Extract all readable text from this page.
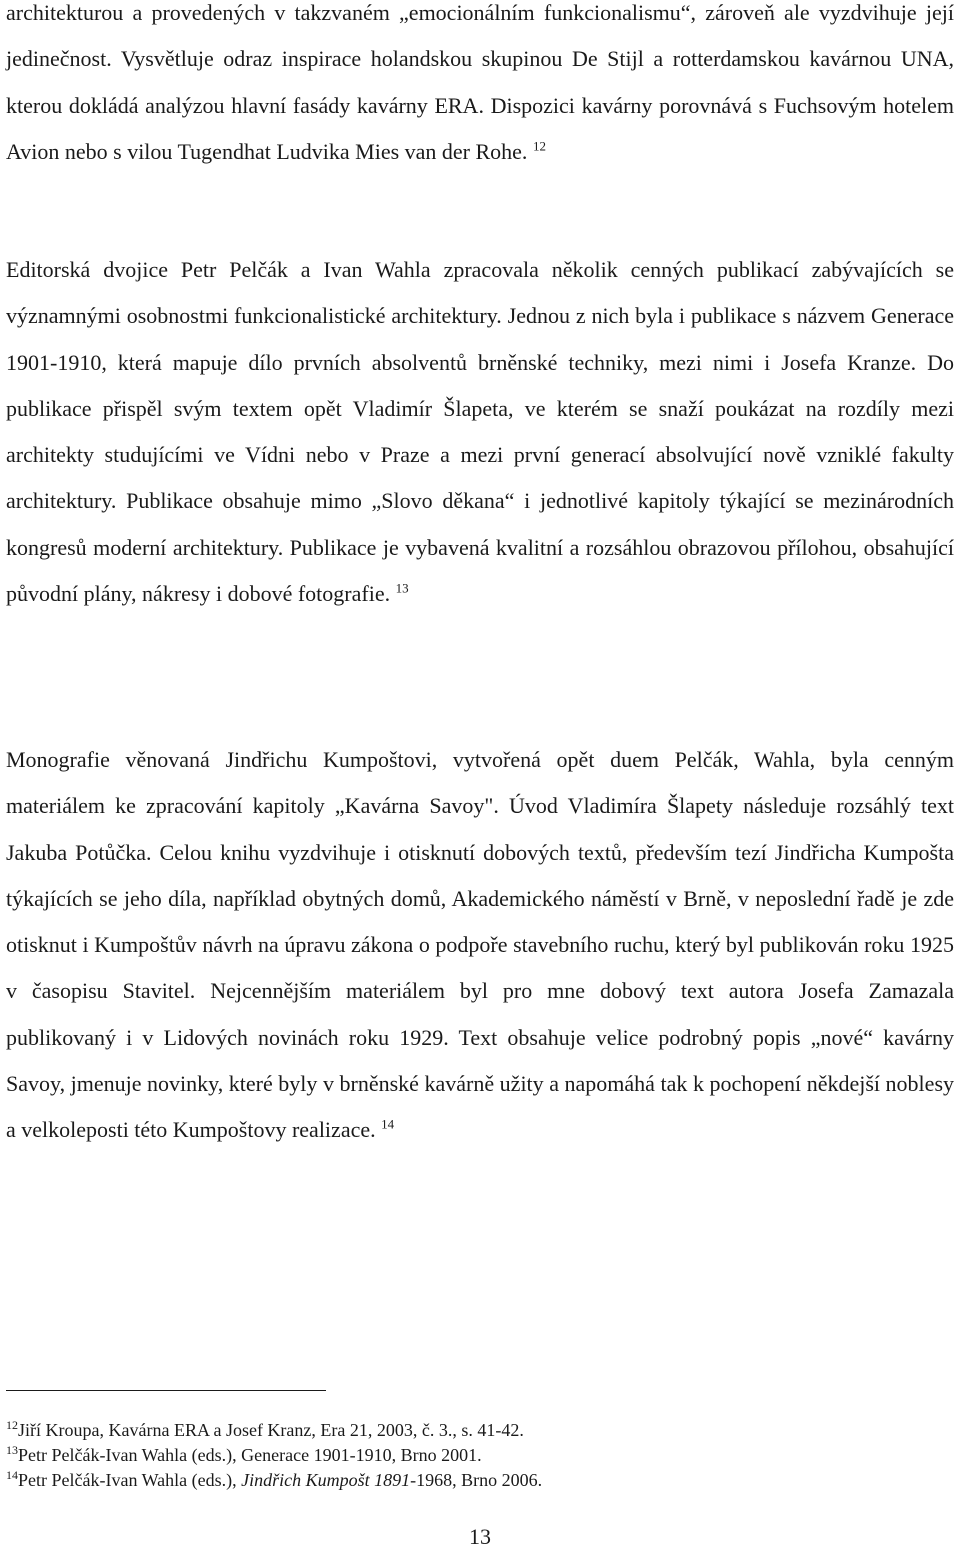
architekturou a provedených v takzvaném „emocionálním funkcionalismu“, zároveň ale vyzdvihuje její jedinečnost. Vysvětluje odraz inspirace holandskou skupinou De Stijl a rotterdamskou kavárnou UNA, kterou dokládá analýzou hlavní fasády kavárny ERA. Dispozici kavárny porovnává s Fuchsovým hotelem Avion nebo s vilou Tugendhat Ludvika Mies van der Rohe. $^{12}$

Editorská dvojice Petr Pelčák a Ivan Wahla zpracovala několik cenných publikací zabývajících se významnými osobnostmi funkcionalistické architektury. Jednou z nich byla i publikace s názvem Generace 1901-1910, která mapuje dílo prvních absolventů brněnské techniky, mezi nimi i Josefa Kranze. Do publikace přispěl svým textem opět Vladimír Šlapeta, ve kterém se snaží poukázat na rozdíly mezi architekty studujícími ve Vídni nebo v Praze a mezi první generací absolvující nově vzniklé fakulty architektury. Publikace obsahuje mimo „Slovo děkana“ i jednotlivé kapitoly týkající se mezinárodních kongresů moderní architektury. Publikace je vybavená kvalitní a rozsáhlou obrazovou přílohou, obsahující původní plány, nákresy i dobové fotografie. $^{13}$

Monografie věnovaná Jindřichu Kumpoštovi, vytvořená opět duem Pelčák, Wahla, byla cenným materiálem ke zpracování kapitoly „Kavárna Savoy". Úvod Vladimíra Šlapety následuje rozsáhlý text Jakuba Potůčka. Celou knihu vyzdvihuje i otisknutí dobových textů, především tezí Jindřicha Kumpošta týkajících se jeho díla, například obytných domů, Akademického náměstí v Brně, v neposlední řadě je zde otisknut i Kumpoštův návrh na úpravu zákona o podpoře stavebního ruchu, který byl publikován roku 1925 v časopisu Stavitel. Nejcennějším materiálem byl pro mne dobový text autora Josefa Zamazala publikovaný i v Lidových novinách roku 1929. Text obsahuje velice podrobný popis „nové“ kavárny Savoy, jmenuje novinky, které byly v brněnské kavárně užity a napomáhá tak k pochopení někdejší noblesy a velkoleposti této Kumpoštovy realizace. $^{14}$

$^{12}$Jiří Kroupa, Kavárna ERA a Josef Kranz, Era 21, 2003, č. 3., s. 41-42.

$^{13}$Petr Pelčák-Ivan Wahla (eds.), Generace 1901-1910, Brno 2001.

$^{14}$Petr Pelčák-Ivan Wahla (eds.), Jindřich Kumpošt 1891-1968, Brno 2006.

13
